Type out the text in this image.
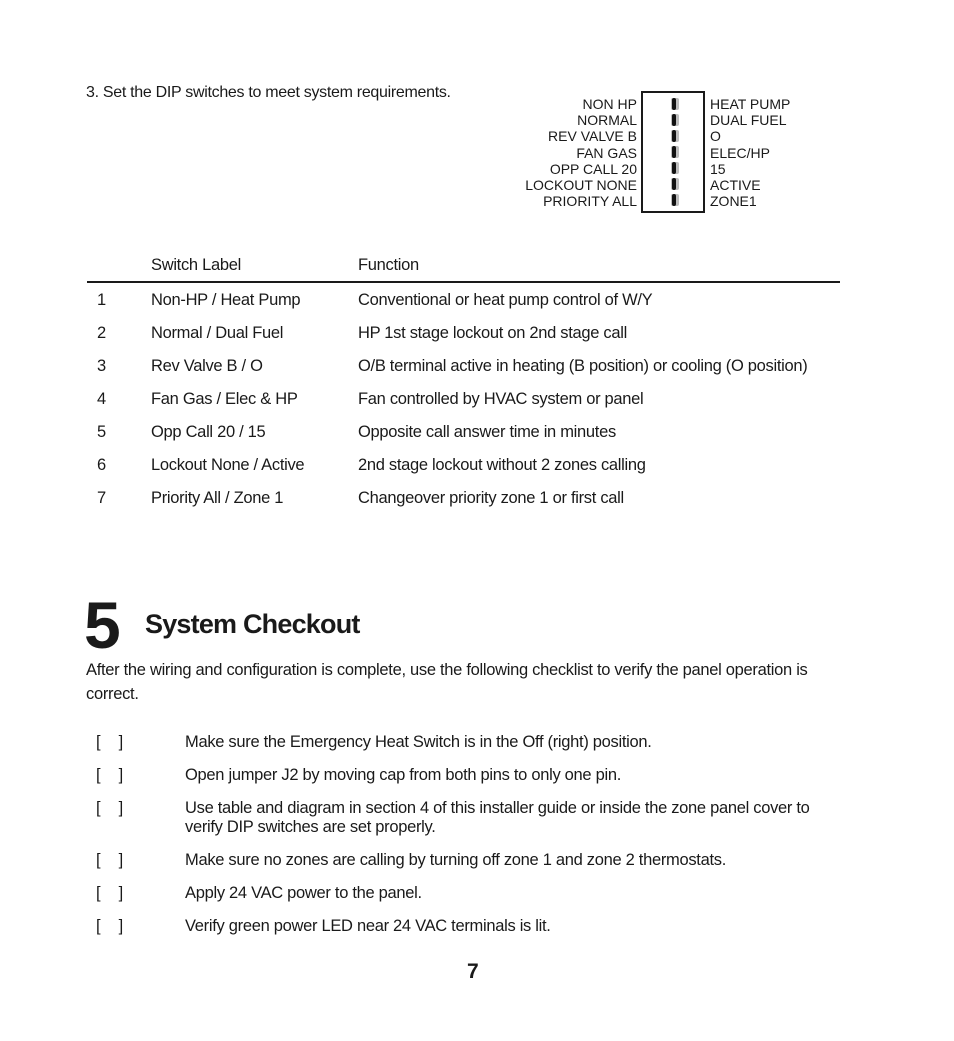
3. Set the DIP switches to meet system requirements.
NON HP
NORMAL
REV VALVE B
FAN GAS
OPP CALL 20
LOCKOUT NONE
PRIORITY ALL
HEAT PUMP
DUAL FUEL
O
ELEC/HP
15
ACTIVE
ZONE1
Switch Label	Function
1	Non-HP / Heat Pump	Conventional or heat pump control of W/Y
2	Normal / Dual Fuel	HP 1st stage lockout on 2nd stage call
3	Rev Valve B / O	O/B terminal active in heating (B position) or cooling (O position)
4	Fan Gas / Elec & HP	Fan controlled by HVAC system or panel
5	Opp Call 20 / 15	Opposite call answer time in minutes
6	Lockout None / Active	2nd stage lockout without 2 zones calling
7	Priority All / Zone 1	Changeover priority zone 1 or first call
5 System Checkout
After the wiring and configuration is complete, use the following checklist to verify the panel operation is correct.
[ ]	Make sure the Emergency Heat Switch is in the Off (right) position.
[ ]	Open jumper J2 by moving cap from both pins to only one pin.
[ ]	Use table and diagram in section 4 of this installer guide or inside the zone panel cover to verify DIP switches are set properly.
[ ]	Make sure no zones are calling by turning off zone 1 and zone 2 thermostats.
[ ]	Apply 24 VAC power to the panel.
[ ]	Verify green power LED near 24 VAC terminals is lit.
7
